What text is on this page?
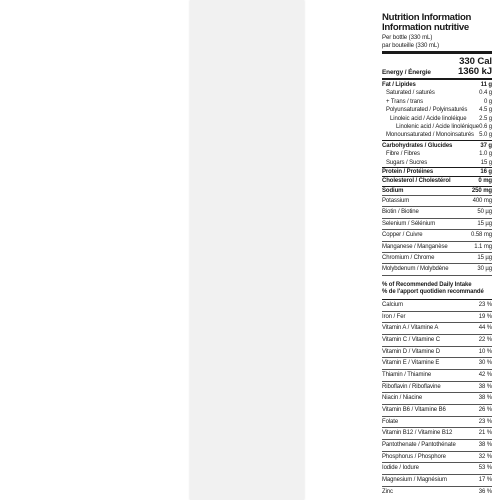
Nutrition Information
Information nutritive
Per bottle (330 mL)
par bouteille (330 mL)
330 Cal
Energy / Énergie	1360 kJ
Fat / Lipides	11 g
Saturated / saturés	0.4 g
+ Trans / trans	0 g
Polyunsaturated / Polyinsaturés 4.5 g
Linoleic acid / Acide linoléique 2.5 g
Linolenic acid / Acide linolénique 0.6 g
Monounsaturated / Monoinsaturés 5.0 g
Carbohydrates / Glucides	37 g
Fibre / Fibres	1.0 g
Sugars / Sucres	15 g
Protein / Protéines	16 g
Cholesterol / Cholestérol	0 mg
Sodium	250 mg
Potassium	400 mg
Biotin / Biotine	50 µg
Selenium / Sélénium	15 µg
Copper / Cuivre	0.58 mg
Manganese / Manganèse	1.1 mg
Chromium / Chrome	15 µg
Molybdenum / Molybdène	30 µg
% of Recommended Daily Intake
% de l'apport quotidien recommandé
Calcium	23 %
Iron / Fer	19 %
Vitamin A / Vitamine A	44 %
Vitamin C / Vitamine C	22 %
Vitamin D / Vitamine D	10 %
Vitamin E / Vitamine E	30 %
Thiamin / Thiamine	42 %
Riboflavin / Riboflavine	38 %
Niacin / Niacine	38 %
Vitamin B6 / Vitamine B6	26 %
Folate	23 %
Vitamin B12 / Vitamine B12	21 %
Pantothenate / Pantothénate	38 %
Phosphorus / Phosphore	32 %
Iodide / Iodure	53 %
Magnesium / Magnésium	17 %
Zinc	36 %
